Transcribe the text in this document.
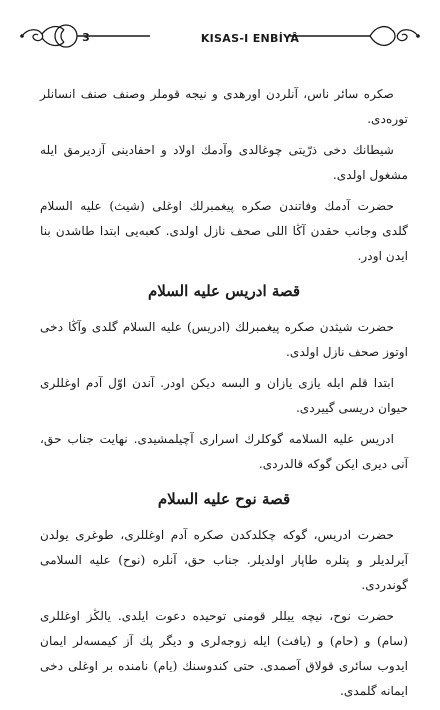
3	KISAS-I ENBİYÂ

صكره سائر ناس، آنلردن اورهدى و نيجه قوملر وصنف صنف انسانلر توره‌دى.

شيطانك دخى ذرّيتى چوغالدى وآدمك اولاد و احفادينى آزديرمق ايله مشغول اولدى.

حضرت آدمك وفاتندن صكره پيغمبرلك اوغلى (شيث) عليه السلام گلدى وجانب حقدن آڭا اللى صحف نازل اولدى. كعبه‌يى ابتدا طاشدن بنا ايدن اودر.

قصة ادريس عليه السلام

حضرت شيثدن صكره پيغمبرلك (ادريس) عليه السلام گلدى وآڭا دخى اوتوز صحف نازل اولدى.

ابتدا قلم ايله يازى يازان و البسه ديكن اودر. آندن اوّل آدم اوغللرى حيوان دريسى گييردى.

ادريس عليه السلامه گوكلرك اسرارى آچيلمشيدى. نهايت جناب حق، آنى ديرى ايكن گوكه قالدردى.

قصة نوح عليه السلام

حضرت ادريس، گوكه چكلدكدن صكره آدم اوغللرى، طوغرى يولدن آيرلديلر و پتلره طاپار اولديلر. جناب حق، آنلره (نوح) عليه السلامى گوندردى.

حضرت نوح، نيچه ييللر قومنى توحيده دعوت ايلدى. يالڭز اوغللرى (سام) و (حام) و (يافث) ايله زوجه‌لرى و ديگر پك آز كيمسه‌لر ايمان ايدوب سائرى قولاق آصمدى. حتى كندوسنك (يام) نامنده بر اوغلى دخى ايمانه گلمدى.
